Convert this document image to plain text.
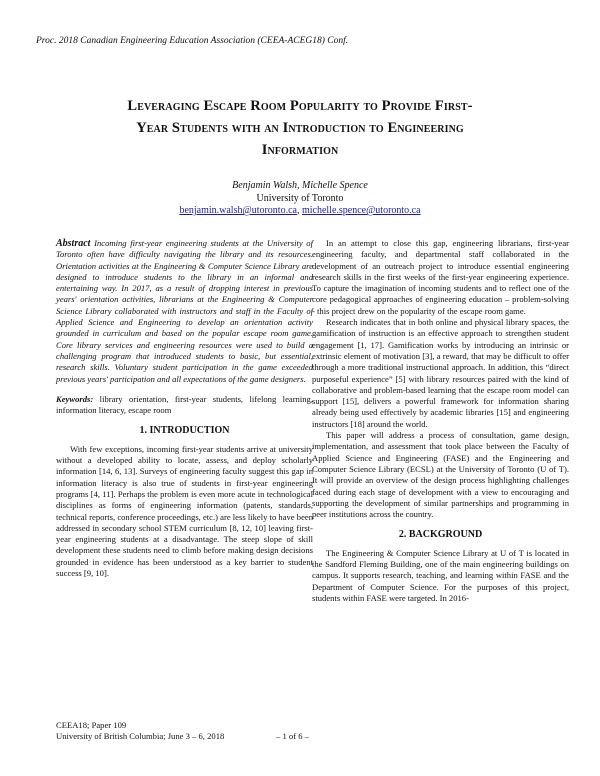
Proc. 2018 Canadian Engineering Education Association (CEEA-ACEG18) Conf.
Leveraging Escape Room Popularity to Provide First-
Year Students with an Introduction to Engineering
Information
Benjamin Walsh, Michelle Spence
University of Toronto
benjamin.walsh@utoronto.ca, michelle.spence@utoronto.ca
Abstract Incoming first-year engineering students at the University of Toronto often have difficulty navigating the library and its resources. Orientation activities at the Engineering & Computer Science Library are designed to introduce students to the library in an informal and entertaining way. In 2017, as a result of dropping interest in previous years' orientation activities, librarians at the Engineering & Computer Science Library collaborated with instructors and staff in the Faculty of Applied Science and Engineering to develop an orientation activity grounded in curriculum and based on the popular escape room game. Core library services and engineering resources were used to build a challenging program that introduced students to basic, but essential, research skills. Voluntary student participation in the game exceeded previous years' participation and all expectations of the game designers.
Keywords: library orientation, first-year students, lifelong learning, information literacy, escape room
1. INTRODUCTION

With few exceptions, incoming first-year students arrive at university without a developed ability to locate, assess, and deploy scholarly information [14, 6, 13]. Surveys of engineering faculty suggest this gap in information literacy is also true of students in first-year engineering programs [4, 11]. Perhaps the problem is even more acute in technological disciplines as forms of engineering information (patents, standards, technical reports, conference proceedings, etc.) are less likely to have been addressed in secondary school STEM curriculum [8, 12, 10] leaving first-year engineering students at a disadvantage. The steep slope of skill development these students need to climb before making design decisions grounded in evidence has been understood as a key barrier to student success [9, 10].

In an attempt to close this gap, engineering librarians, first-year engineering faculty, and departmental staff collaborated in the development of an outreach project to introduce essential engineering research skills in the first weeks of the first-year engineering experience. To capture the imagination of incoming students and to reflect one of the core pedagogical approaches of engineering education – problem-solving - this project drew on the popularity of the escape room game.

Research indicates that in both online and physical library spaces, the gamification of instruction is an effective approach to strengthen student engagement [1, 17]. Gamification works by introducing an intrinsic or extrinsic element of motivation [3], a reward, that may be difficult to offer through a more traditional instructional approach. In addition, this “direct purposeful experience” [5] with library resources paired with the kind of collaborative and problem-based learning that the escape room model can support [15], delivers a powerful framework for information sharing already being used effectively by academic libraries [15] and engineering instructors [18] around the world.

This paper will address a process of consultation, game design, implementation, and assessment that took place between the Faculty of Applied Science and Engineering (FASE) and the Engineering and Computer Science Library (ECSL) at the University of Toronto (U of T). It will provide an overview of the design process highlighting challenges faced during each stage of development with a view to encouraging and supporting the development of similar partnerships and programming in peer institutions across the country.

2. BACKGROUND

The Engineering & Computer Science Library at U of T is located in the Sandford Fleming Building, one of the main engineering buildings on campus. It supports research, teaching, and learning within FASE and the Department of Computer Science. For the purposes of this project, students within FASE were targeted. In 2016-

CEEA18; Paper 109
University of British Columbia; June 3 – 6, 2018	– 1 of 6 –
